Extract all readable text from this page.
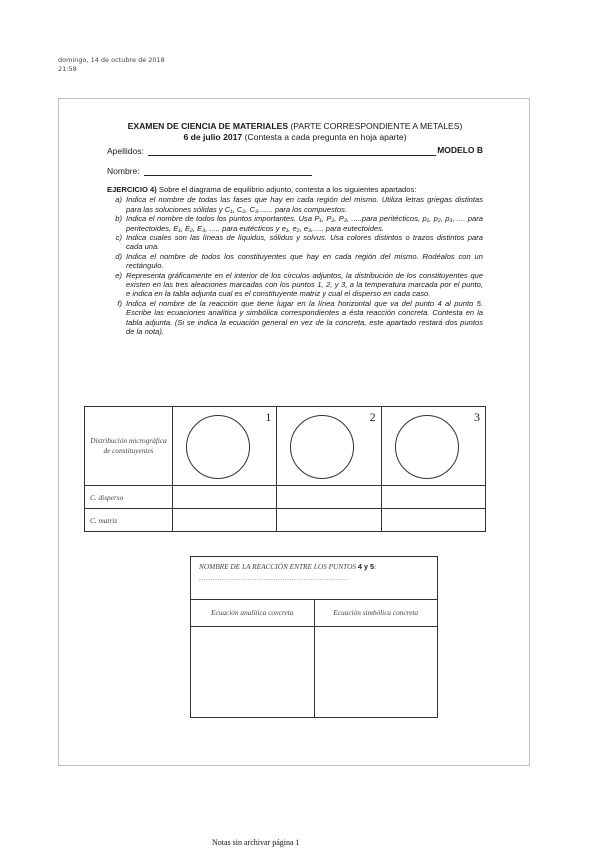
domingo, 14 de octubre de 2018
21:58
EXAMEN DE CIENCIA DE MATERIALES (PARTE CORRESPONDIENTE A METALES)
6 de julio 2017 (Contesta a cada pregunta en hoja aparte)
MODELO B
Apellidos:
Nombre:
EJERCICIO 4) Sobre el diagrama de equilibrio adjunto, contesta a los siguientes apartados:
a) Indica el nombre de todas las fases que hay en cada región del mismo. Utiliza letras griegas distintas para las soluciones sólidas y C₁, C₂, C₃....... para los compuestos.
b) Indica el nombre de todos los puntos importantes. Usa P₁, P₂, P₃, .....para peritécticos, p₁, p₂, p₃, .... para peritectoides, E₁, E₂, E₃, ..... para eutécticos y e₁, e₂, e₃,..... para eutectoides.
c) Indica cuales son las líneas de líquidus, sólidus y solvus. Usa colores distintos o trazos distintos para cada una.
d) Indica el nombre de todos los constituyentes que hay en cada región del mismo. Rodéalos con un rectángulo.
e) Representa gráficamente en el interior de los círculos adjuntos, la distribución de los constituyentes que existen en las tres aleaciones marcadas con los puntos 1, 2, y 3, a la temperatura marcada por el punto, e indica en la tabla adjunta cual es el constituyente matriz y cual el disperso en cada caso.
f) Indica el nombre de la reacción que tiene lugar en la línea horizontal que va del punto 4 al punto 5. Escribe las ecuaciones analítica y simbólica correspondientes a ésta reacción concreta. Contesta en la tabla adjunta. (Si se indica la ecuación general en vez de la concreta, este apartado restará dos puntos de la nota).
Distribución micrográfica de constituyentes	1	2	3

C. disperso			
C. matriz			
NOMBRE DE LA REACCIÓN ENTRE LOS PUNTOS 4 y 5:
................................................................	

Ecuación analítica concreta	Ecuación simbólica concreta

Notas sin archivar página 1
